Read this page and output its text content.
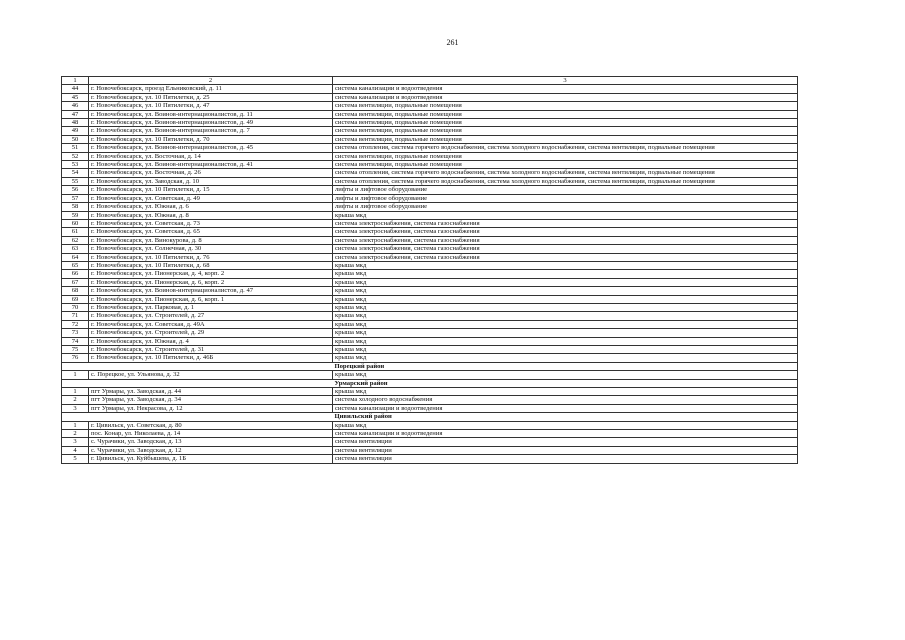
261
1	2	3
44	г. Новочебоксарск, проезд Ельниковский, д. 11	система канализации и водоотведения
45	г. Новочебоксарск, ул. 10 Пятилетки, д. 25	система канализации и водоотведения
46	г. Новочебоксарск, ул. 10 Пятилетки, д. 47	система вентиляции, подвальные помещения
47	г. Новочебоксарск, ул. Воинов-интернационалистов, д. 11	система вентиляции, подвальные помещения
48	г. Новочебоксарск, ул. Воинов-интернационалистов, д. 49	система вентиляции, подвальные помещения
49	г. Новочебоксарск, ул. Воинов-интернационалистов, д. 7	система вентиляции, подвальные помещения
50	г. Новочебоксарск, ул. 10 Пятилетки, д. 70	система вентиляции, подвальные помещения
51	г. Новочебоксарск, ул. Воинов-интернационалистов, д. 45	система отопления, система горячего водоснабжения, система холодного водоснабжения, система вентиляции, подвальные помещения
52	г. Новочебоксарск, ул. Восточная, д. 14	система вентиляции, подвальные помещения
53	г. Новочебоксарск, ул. Воинов-интернационалистов, д. 41	система вентиляции, подвальные помещения
54	г. Новочебоксарск, ул. Восточная, д. 26	система отопления, система горячего водоснабжения, система холодного водоснабжения, система вентиляции, подвальные помещения
55	г. Новочебоксарск, ул. Заводская, д. 10	система отопления, система горячего водоснабжения, система холодного водоснабжения, система вентиляции, подвальные помещения
56	г. Новочебоксарск, ул. 10 Пятилетки, д. 15	лифты и лифтовое оборудование
57	г. Новочебоксарск, ул. Советская, д. 49	лифты и лифтовое оборудование
58	г. Новочебоксарск, ул. Южная, д. 6	лифты и лифтовое оборудование
59	г. Новочебоксарск, ул. Южная, д. 8	крыша мкд
60	г. Новочебоксарск, ул. Советская, д. 73	система электроснабжения, система газоснабжения
61	г. Новочебоксарск, ул. Советская, д. 65	система электроснабжения, система газоснабжения
62	г. Новочебоксарск, ул. Винокурова, д. 8	система электроснабжения, система газоснабжения
63	г. Новочебоксарск, ул. Солнечная, д. 30	система электроснабжения, система газоснабжения
64	г. Новочебоксарск, ул. 10 Пятилетки, д. 76	система электроснабжения, система газоснабжения
65	г. Новочебоксарск, ул. 10 Пятилетки, д. 68	крыша мкд
66	г. Новочебоксарск, ул. Пионерская, д. 4, корп. 2	крыша мкд
67	г. Новочебоксарск, ул. Пионерская, д. 6, корп. 2	крыша мкд
68	г. Новочебоксарск, ул. Воинов-интернационалистов, д. 47	крыша мкд
69	г. Новочебоксарск, ул. Пионерская, д. 6, корп. 1	крыша мкд
70	г. Новочебоксарск, ул. Парковая, д. 1	крыша мкд
71	г. Новочебоксарск, ул. Строителей, д. 27	крыша мкд
72	г. Новочебоксарск, ул. Советская, д. 49А	крыша мкд
73	г. Новочебоксарск, ул. Строителей, д. 29	крыша мкд
74	г. Новочебоксарск, ул. Южная, д. 4	крыша мкд
75	г. Новочебоксарск, ул. Строителей, д. 31	крыша мкд
76	г. Новочебоксарск, ул. 10 Пятилетки, д. 46Б	крыша мкд
		Порецкий район
1	с. Порецкое, ул. Ульянова, д. 32	крыша мкд
		Урмарский район
1	пгт Урмары, ул. Заводская, д. 44	крыша мкд
2	пгт Урмары, ул. Заводская, д. 34	система холодного водоснабжения
3	пгт Урмары, ул. Некрасова, д. 12	система канализации и водоотведения
		Цивильский район
1	г. Цивильск, ул. Советская, д. 80	крыша мкд
2	пос. Конар, ул. Николаева, д. 14	система канализации и водоотведения
3	с. Чурачики, ул. Заводская, д. 13	система вентиляции
4	с. Чурачики, ул. Заводская, д. 12	система вентиляции
5	г. Цивильск, ул. Куйбышева, д. 1Б	система вентиляции
